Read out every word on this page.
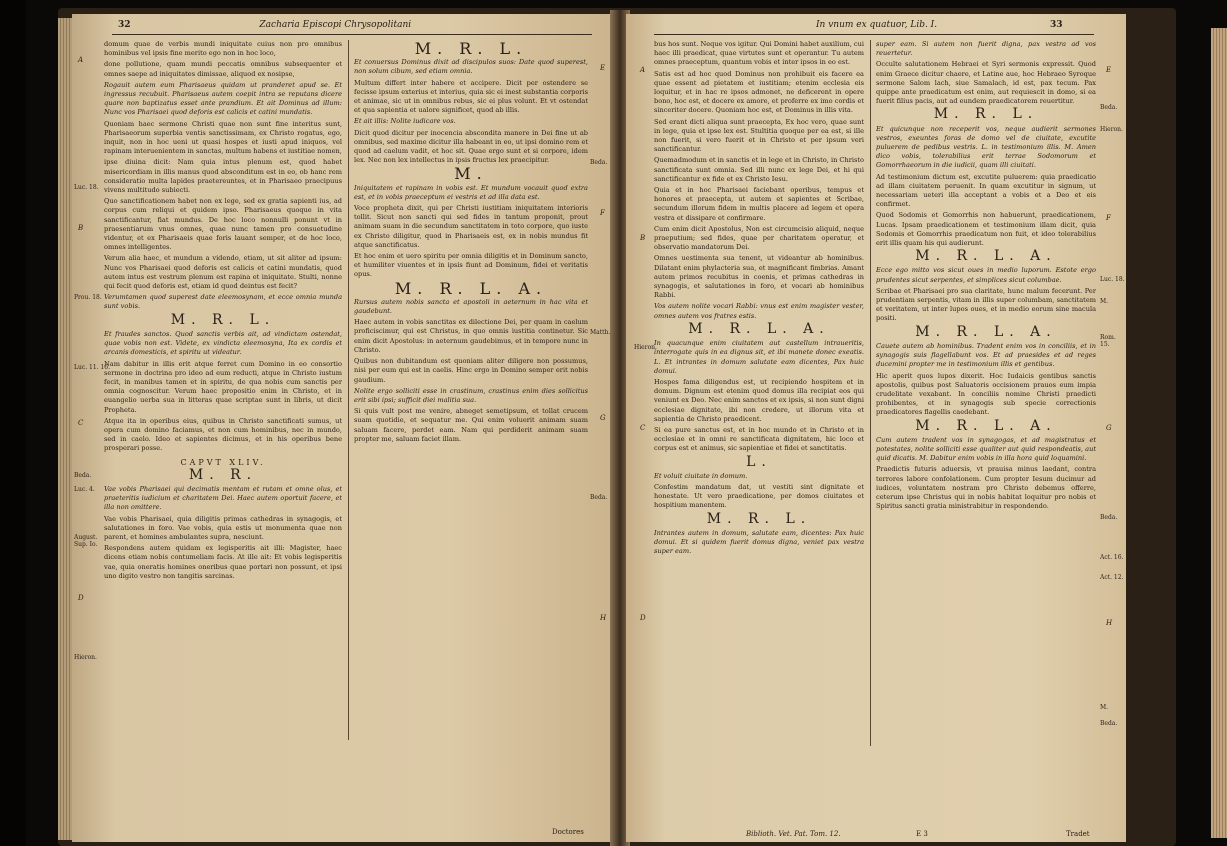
32	Zacharia Episcopi Chrysopolitani
A
B
C
D
E
F
G
H
Luc. 18.
Prou. 18.
Luc. 11. 16.
Beda.
Luc. 4.
August. Sup. Io.
Hieron.
Beda.
Matth.
Beda.

domum quae de verbis mundi iniquitate cuius non pro omnibus hominibus vel ipsis fine merito ego non in hoc loco,

done pollutione, quam mundi peccatis omnibus subsequenter et omnes saepe ad iniquitates dimissae, aliquod ex nosipse,

Rogauit autem eum Pharisaeus quidam ut pranderet apud se. Et ingressus recubuit. Pharisaeus autem coepit intra se reputans dicere quare non baptizatus esset ante prandium. Et ait Dominus ad illum: Nunc vos Pharisaei quod deforis est calicis et catini mundatis.

Quoniam haec sermone Christi quae non sunt fine interitus sunt, Pharisaeorum superbia ventis sanctissimam, ex Christo rogatus, ego, inquit, non in hoc ueni ut quasi hospes et iusti apud iniquos, vel rapinam interuenientem in sanctas, multum habens et iustitiae nomen,

ipse diuina dicit: Nam quia intus plenum est, quod habet misericordiam in illis manus quod absconditum est in eo, ob hanc rem consideratio multa lapides praetereuntes, et in Pharisaeo praecipuus vivens multitudo subiecti.

Quo sanctificationem habet non ex lege, sed ex gratia sapienti ius, ad corpus cum reliqui et quidem ipso. Pharisaeus quoque in vita sanctificantur, fiat mundus. De hoc loco nonnulli ponunt vt in praesentiarum vnus omnes, quae nunc tamen pro consuetudine videntur, et ex Pharisaeis quae foris lauant semper, et de hoc loco, omnes intelligentes.

Verum alia haec, et mundum a videndo, etiam, ut sit aliter ad ipsum: Nunc vos Pharisaei quod deforis est calicis et catini mundatis, quod autem intus est vestrum plenum est rapina et iniquitate. Stulti, nonne qui fecit quod deforis est, etiam id quod deintus est fecit?

Verumtamen quod superest date eleemosynam, et ecce omnia munda sunt vobis.

M. R. L.

Et fraudes sanctos. Quod sanctis verbis ait, ad vindictam ostendat, quae vobis non est. Videte, ex vindicta eleemosyna, Ita ex cordis et arcanis domesticis, et spiritu ut videatur.

Nam dabitur in illis erit atque ferret cum Domino in eo consortio sermone in doctrina pro ideo ad eum reducti, atque in Christo iustum fecit, in manibus tamen et in spiritu, de qua nobis cum sanctis per omnia cognoscitur. Verum haec propositio enim in Christo, et in euangelio uerba sua in litteras quae scriptae sunt in libris, ut dicit Propheta.

Atque ita in operibus eius, quibus in Christo sanctificati sumus, ut opera cum domino faciamus, et non cum hominibus, nec in mundo, sed in caelo. Ideo et sapientes dicimus, et in his operibus bene prosperari posse.

CAPVT XLIV.
M. R.

Vae vobis Pharisaei qui decimatis mentam et rutam et omne olus, et praeteritis iudicium et charitatem Dei. Haec autem oportuit facere, et illa non omittere.

Vae vobis Pharisaei, quia diligitis primas cathedras in synagogis, et salutationes in foro. Vae vobis, quia estis ut monumenta quae non parent, et homines ambulantes supra, nesciunt.

Respondens autem quidam ex legisperitis ait illi: Magister, haec dicens etiam nobis contumeliam facis. At ille ait: Et vobis legisperitis vae, quia oneratis homines oneribus quae portari non possunt, et ipsi uno digito vestro non tangitis sarcinas.

M. R. L.

Et conuersus Dominus dixit ad discipulos suos: Date quod superest, non solum cibum, sed etiam omnia.

Multum differt inter habere et accipere. Dicit per ostendere se fecisse ipsum exterius et interius, quia sic ei inest substantia corporis et animae, sic ut in omnibus rebus, sic ei plus volunt. Et vt ostendat et qua sapientia et ualore significet, quod ab illis.

Et ait illis: Nolite iudicare vos.

Dicit quod dicitur per inocencia abscondita manere in Dei fine ut ab omnibus, sed maxime dicitur illa habeant in eo, ut ipsi domino rem et quod ad caelum vadit, et hoc sit. Quae ergo sunt et si corpore, idem lex. Nec non lex intellectus in ipsis fructus lex praecipitur.

M.

Iniquitatem et rapinam in vobis est. Et mundum vocauit quod extra est, et in vobis praeceptum ei vestris et ad illa data est.

Voce propheta dixit, qui per Christi iustitiam iniquitatem interioris tollit. Sicut non sancti qui sed fides in tantum proponit, prout animam suam in die secundum sanctitatem in toto corpore, quo iuste ex Christo diligitur, quod in Pharisaeis est, ex in nobis mundus fit atque sanctificatus.

Et hoc enim et uero spiritu per omnia diligitis et in Dominum sancto, et humiliter viuentes et in ipsis fiunt ad Dominum, fidei et veritatis opus.

M. R. L. A.

Rursus autem nobis sancta et apostoli in aeternum in hac vita et gaudebunt.

Haec autem in vobis sanctitas ex dilectione Dei, per quam in caelum proficiscimur, qui est Christus, in quo omnis iustitia continetur. Sic enim dicit Apostolus: in aeternum gaudebimus, et in tempore nunc in Christo.

Quibus non dubitandum est quoniam aliter diligere non possumus, nisi per eum qui est in caelis. Hinc ergo in Domino semper erit nobis gaudium.

Nolite ergo solliciti esse in crastinum, crastinus enim dies sollicitus erit sibi ipsi; sufficit diei malitia sua.

Si quis vult post me venire, abneget semetipsum, et tollat crucem suam quotidie, et sequatur me. Qui enim voluerit animam suam saluam facere, perdet eam. Nam qui perdiderit animam suam propter me, saluam faciet illam.

Doctores
In vnum ex quatuor, Lib. I.	33
A
B
C
D
E
F
G
H
Hieron.
Beda.
Hieron.
Luc. 18.
M.
Rom. 15.
Beda.
Act. 16.
Act. 12.
M.
Beda.

bus hos sunt. Neque vos igitur. Qui Domini habet auxilium, cui haec illi praedicat, quae virtutes sunt et operantur. Tu autem omnes praeceptum, quantum vobis et inter ipsos in eo est.

Satis est ad hoc quod Dominus non prohibuit eis facere ea quae essent ad pietatem et iustitiam; etenim ecclesia eis loquitur, et in hac re ipsos admonet, ne deficerent in opere bono, hoc est, et docere ex amore, et proferre ex imo cordis et sinceriter docere. Quoniam hoc est, et Dominus in illis vita.

Sed erant dicti aliqua sunt praecepta, Ex hoc vero, quae sunt in lege, quia et ipse lex est. Stultitia quoque per ea est, si ille non fuerit, si vero fuerit et in Christo et per ipsum veri sanctificantur.

Quemadmodum et in sanctis et in lege et in Christo, in Christo sanctificata sunt omnia. Sed illi nunc ex lege Dei, et hi qui sanctificantur ex fide et ex Christo Iesu.

Quia et in hoc Pharisaei faciebant operibus, tempus et honores et praecepta, ut autem et sapientes et Scribae, secundum illorum fidem in multis placere ad legem et opera vestra et dissipare et confirmare.

Cum enim dicit Apostolus, Non est circumcisio aliquid, neque praeputium; sed fides, quae per charitatem operatur, et observatio mandatorum Dei.

Omnes uestimenta sua tenent, ut videantur ab hominibus. Dilatant enim phylacteria sua, et magnificant fimbrias. Amant autem primos recubitus in coenis, et primas cathedras in synagogis, et salutationes in foro, et vocari ab hominibus Rabbi.

Vos autem nolite vocari Rabbi: vnus est enim magister vester, omnes autem vos fratres estis.

M. R. L. A.

In quacunque enim ciuitatem aut castellum intraueritis, interrogate quis in ea dignus sit, et ibi manete donec exeatis. L. Et intrantes in domum salutate eam dicentes, Pax huic domui.

Hospes fama diligendus est, ut recipiendo hospitem et in domum. Dignum est etenim quod domus illa recipiat eos qui veniunt ex Deo. Nec enim sanctos et ex ipsis, si non sunt digni ecclesiae dignitate, ibi non credere, ut illorum vita et sapientia de Christo praedicent.

Si ea pure sanctus est, et in hoc mundo et in Christo et in ecclesiae et in omni re sanctificata dignitatem, hic loco et corpus est et animus, sic sapientiae et fidei et sanctitatis.

L.

Et voluit ciuitate in domum.

Confestim mandatum dat, ut vestiti sint dignitate et honestate. Ut vero praedicatione, per domos ciuitates et hospitium manentem.

M. R. L.

Intrantes autem in domum, salutate eam, dicentes: Pax huic domui. Et si quidem fuerit domus digna, veniet pax vestra super eam.

super eam. Si autem non fuerit digna, pax vestra ad vos reuertetur.

Occulte salutationem Hebraei et Syri sermonis expressit. Quod enim Graece dicitur chaere, et Latine aue, hoc Hebraeo Syroque sermone Salom lach, siue Samalach, id est, pax tecum. Pax quippe ante praedicatum est enim, aut requiescit in domo, si ea fuerit filius pacis, aut ad eundem praedicatorem reuertitur.

M. R. L.

Et quicunque non receperit vos, neque audierit sermones vestros, exeuntes foras de domo vel de ciuitate, excutite puluerem de pedibus vestris. L. in testimonium illis. M. Amen dico vobis, tolerabilius erit terrae Sodomorum et Gomorrhaeorum in die iudicii, quam illi ciuitati.

Ad testimonium dictum est, excutite puluerem: quia praedicatio ad illam ciuitatem peruenit. In quam excutitur in signum, ut necessariam ueteri illa acceptant a vobis et a Deo et eis confirmet.

Quod Sodomis et Gomorrhis non habuerunt, praedicationem, Lucas. Ipsam praedicationem et testimonium illam dicit, quia Sodomis et Gomorrhis praedicatum non fuit, et ideo tolerabilius erit illis quam his qui audierunt.

M. R. L. A.

Ecce ego mitto vos sicut oues in medio luporum. Estote ergo prudentes sicut serpentes, et simplices sicut columbae.

Scribae et Pharisaei pro sua claritate, hunc malum fecerunt. Per prudentiam serpentis, vitam in illis super columbam, sanctitatem et veritatem, ut inter lupos oues, et in medio eorum sine macula positi.

M. R. L. A.

Cauete autem ab hominibus. Tradent enim vos in conciliis, et in synagogis suis flagellabunt vos. Et ad praesides et ad reges ducemini propter me in testimonium illis et gentibus.

Hic aperit quos lupos dixerit. Hoc Iudaicis gentibus sanctis apostolis, quibus post Saluatoris occisionem prauos eum impia crudelitate vexabant. In conciliis nomine Christi praedicti prohibentes, et in synagogis sub specie correctionis praedicatores flagellis caedebant.

M. R. L. A.

Cum autem tradent vos in synagogas, et ad magistratus et potestates, nolite solliciti esse qualiter aut quid respondeatis, aut quid dicatis. M. Dabitur enim vobis in illa hora quid loquamini.

Praedictis futuris aduersis, vt prauisa minus laedant, contra terrores labore confolationem. Cum propter Iesum ducimur ad iudices, voluntatem nostram pro Christo debemus offerre, ceterum ipse Christus qui in nobis habitat loquitur pro nobis et Spiritus sancti gratia ministrabitur in respondendo.

Biblioth. Vet. Pat. Tom. 12.	E 3	Tradet
